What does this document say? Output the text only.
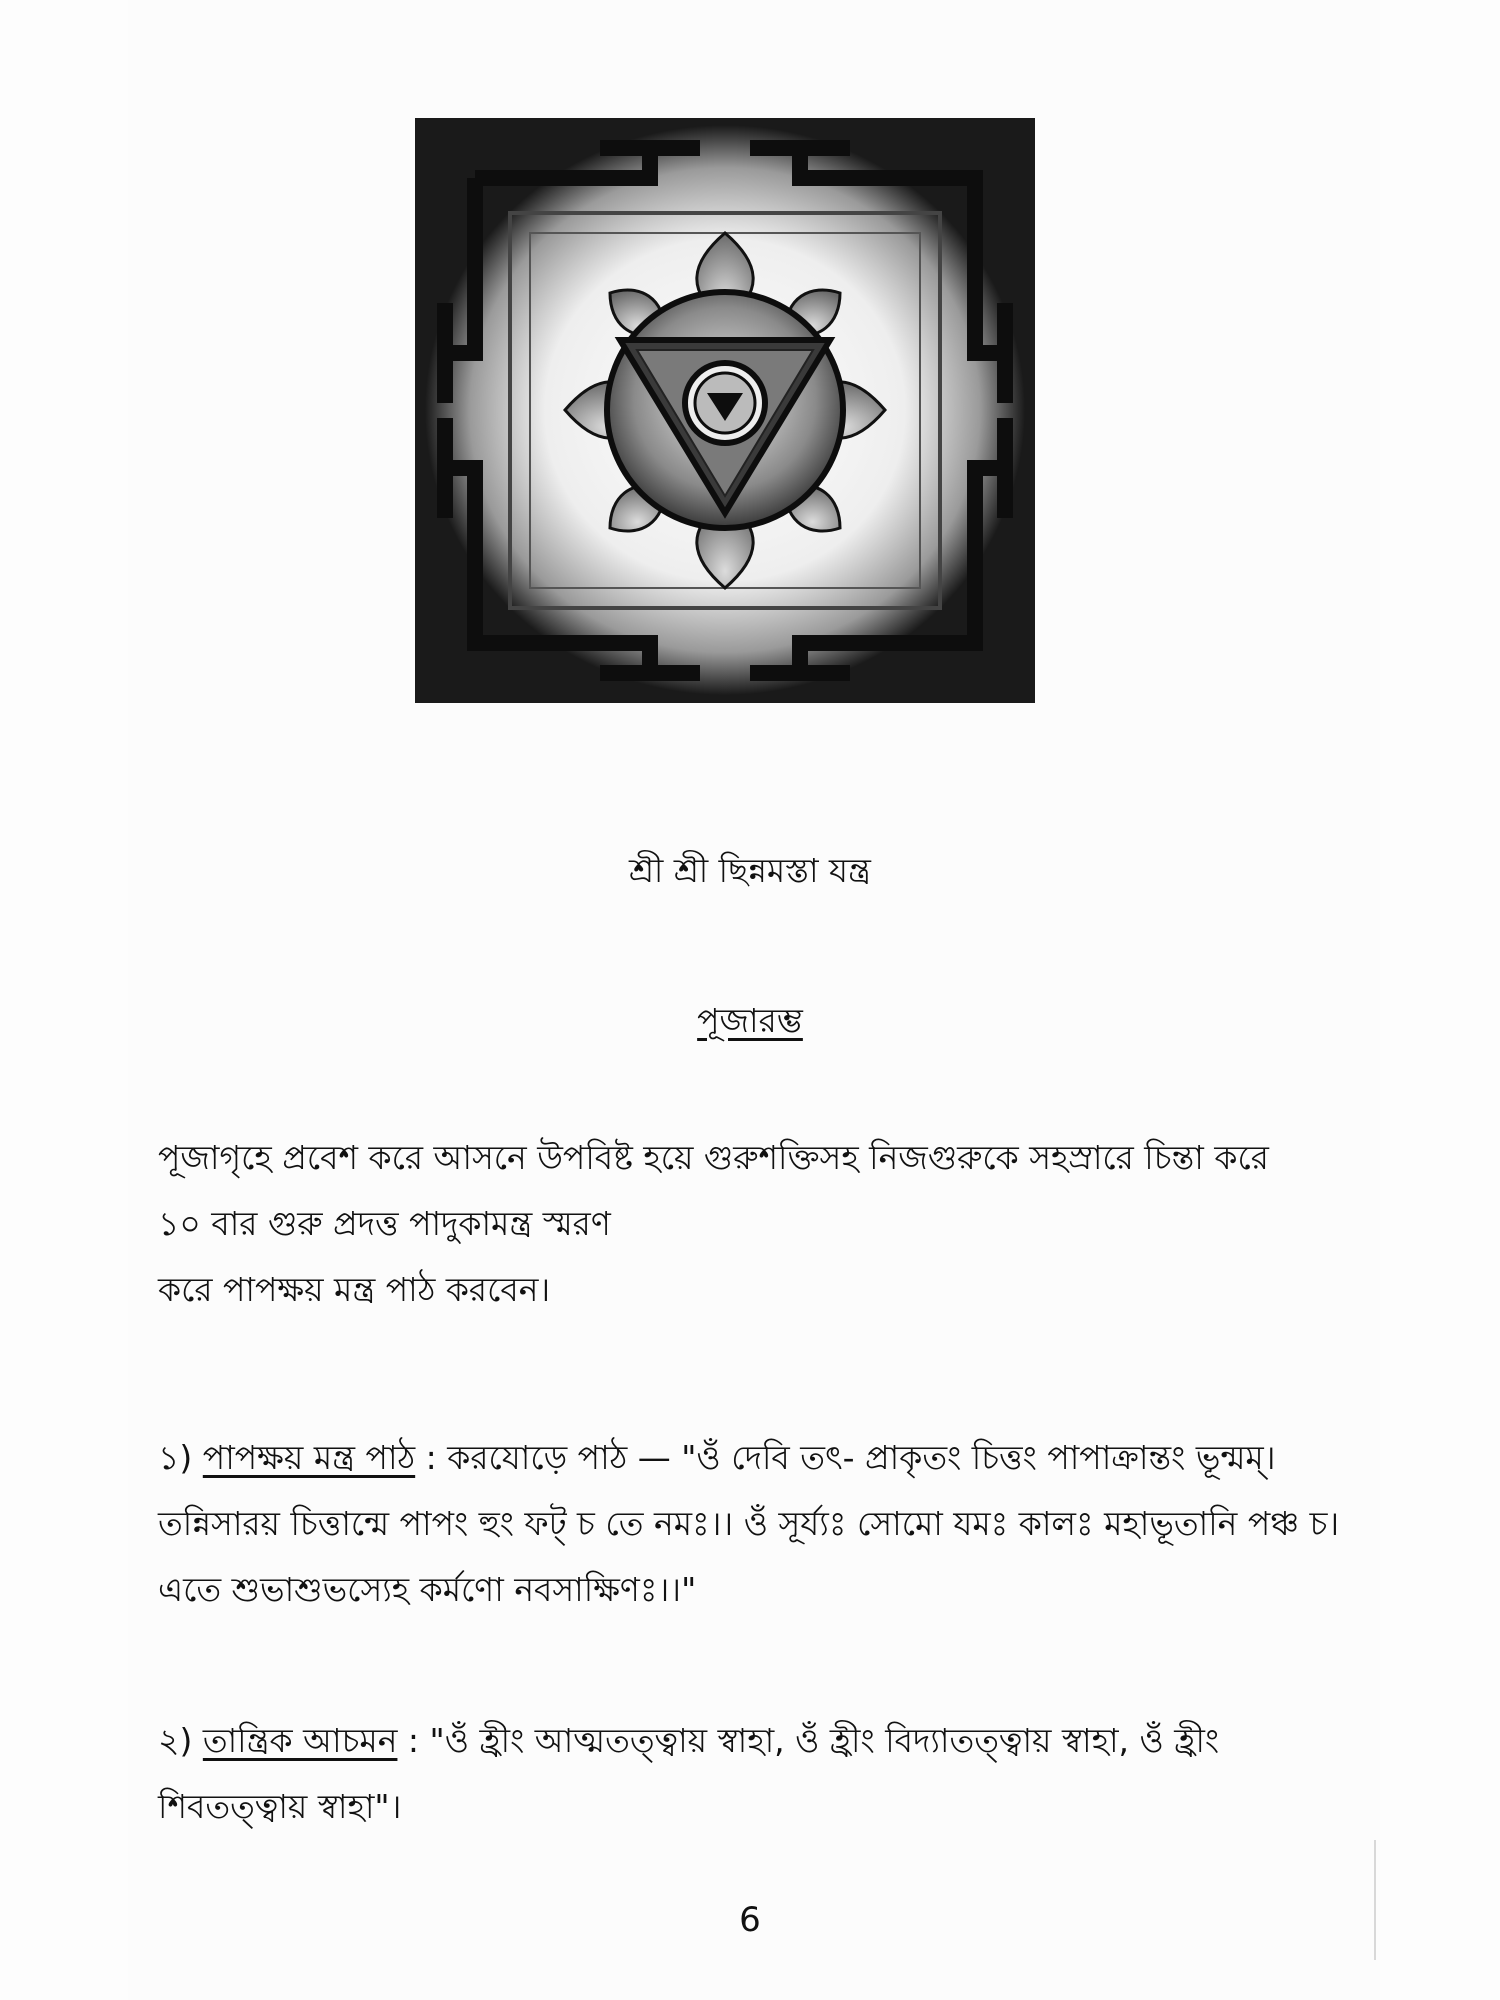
শ্রী শ্রী ছিন্নমস্তা যন্ত্র
পূজারম্ভ
পূজাগৃহে প্রবেশ করে আসনে উপবিষ্ট হয়ে গুরুশক্তিসহ নিজগুরুকে সহস্রারে চিন্তা করে
১০ বার গুরু প্রদত্ত পাদুকামন্ত্র স্মরণ
করে পাপক্ষয় মন্ত্র পাঠ করবেন।
১) পাপক্ষয় মন্ত্র পাঠ : করযোড়ে পাঠ — "ওঁ দেবি তৎ- প্রাকৃতং চিত্তং পাপাক্রান্তং ভূন্মম্। তন্নিসারয় চিত্তান্মে পাপং হুং ফট্ চ তে নমঃ।। ওঁ সূর্য্যঃ সোমো যমঃ কালঃ মহাভূতানি পঞ্চ চ। এতে শুভাশুভস্যেহ কর্মণো নবসাক্ষিণঃ।।"
২) তান্ত্রিক আচমন : "ওঁ হ্রীং আত্মতত্ত্বায় স্বাহা, ওঁ হ্রীং বিদ্যাতত্ত্বায় স্বাহা, ওঁ হ্রীং শিবতত্ত্বায় স্বাহা"।
6
